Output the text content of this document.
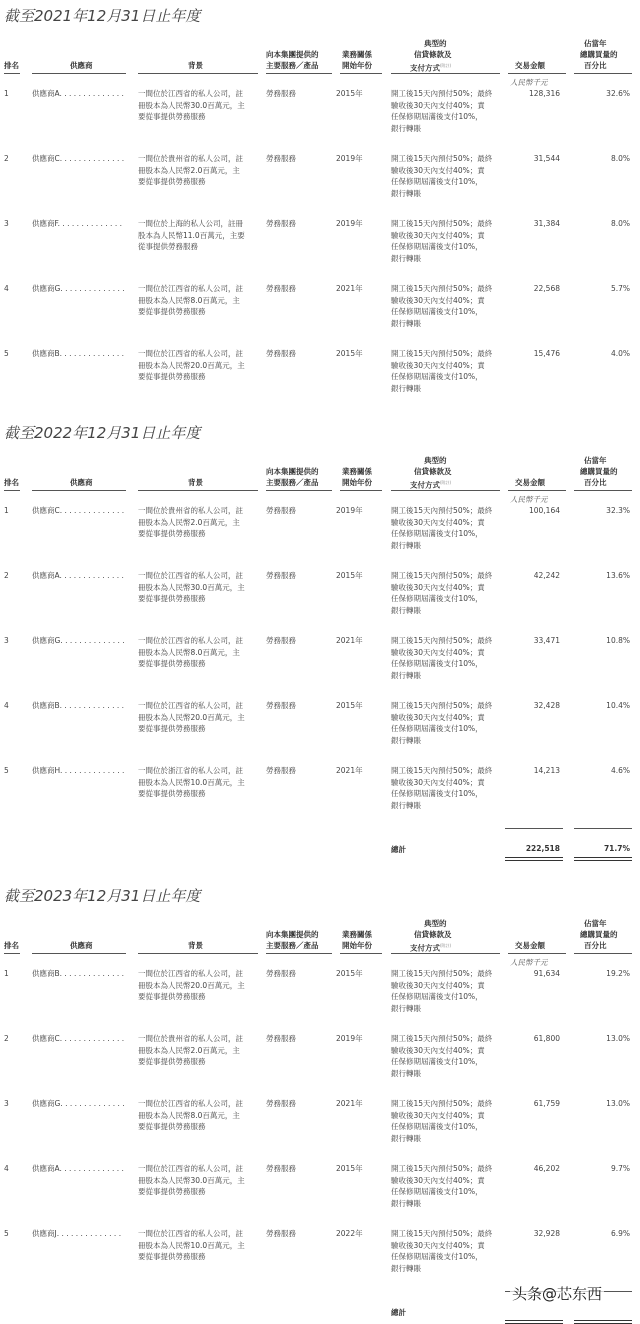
截至2021年12月31日止年度
排名	供應商	背景
向本集團提供的
主要服務／產品
業務關係
開始年份
典型的
信貸條款及
支付方式$^{(附註)}$	交易金額
佔當年
總購買量的
百分比
人民幣千元
1	供應商A. . . . . . . . . . . . . . 一間位於江西省的私人公司，註
冊股本為人民幣30.0百萬元，主
要從事提供勞務服務
勞務服務	2015年	開工後15天內預付50%；最終
驗收後30天內支付40%；責
任保修期屆滿後支付10%，
銀行轉賬
128,316	32.6%
2	供應商C. . . . . . . . . . . . . . 一間位於貴州省的私人公司，註
冊股本為人民幣2.0百萬元，主
要從事提供勞務服務
勞務服務	2019年	開工後15天內預付50%；最終
驗收後30天內支付40%；責
任保修期屆滿後支付10%，
銀行轉賬
31,544	8.0%
3	供應商F. . . . . . . . . . . . . . 一間位於上海的私人公司，註冊
股本為人民幣11.0百萬元，主要
從事提供勞務服務
勞務服務	2019年	開工後15天內預付50%；最終
驗收後30天內支付40%；責
任保修期屆滿後支付10%，
銀行轉賬
31,384	8.0%
4	供應商G. . . . . . . . . . . . . . 一間位於江西省的私人公司，註
冊股本為人民幣8.0百萬元，主
要從事提供勞務服務
勞務服務	2021年	開工後15天內預付50%；最終
驗收後30天內支付40%；責
任保修期屆滿後支付10%，
銀行轉賬
22,568	5.7%
5	供應商B. . . . . . . . . . . . . . 一間位於江西省的私人公司，註
冊股本為人民幣20.0百萬元，主
要從事提供勞務服務
勞務服務	2015年	開工後15天內預付50%；最終
驗收後30天內支付40%；責
任保修期屆滿後支付10%，
銀行轉賬
15,476	4.0%
截至2022年12月31日止年度
排名	供應商	背景
向本集團提供的
主要服務／產品
業務關係
開始年份
典型的
信貸條款及
支付方式$^{(附註)}$	交易金額
佔當年
總購買量的
百分比
人民幣千元
1	供應商C. . . . . . . . . . . . . . 一間位於貴州省的私人公司，註
冊股本為人民幣2.0百萬元，主
要從事提供勞務服務
勞務服務	2019年	開工後15天內預付50%；最終
驗收後30天內支付40%；責
任保修期屆滿後支付10%，
銀行轉賬
100,164	32.3%
2	供應商A. . . . . . . . . . . . . . 一間位於江西省的私人公司，註
冊股本為人民幣30.0百萬元，主
要從事提供勞務服務
勞務服務	2015年	開工後15天內預付50%；最終
驗收後30天內支付40%；責
任保修期屆滿後支付10%，
銀行轉賬
42,242	13.6%
3	供應商G. . . . . . . . . . . . . . 一間位於江西省的私人公司，註
冊股本為人民幣8.0百萬元，主
要從事提供勞務服務
勞務服務	2021年	開工後15天內預付50%；最終
驗收後30天內支付40%；責
任保修期屆滿後支付10%，
銀行轉賬
33,471	10.8%
4	供應商B. . . . . . . . . . . . . . 一間位於江西省的私人公司，註
冊股本為人民幣20.0百萬元，主
要從事提供勞務服務
勞務服務	2015年	開工後15天內預付50%；最終
驗收後30天內支付40%；責
任保修期屆滿後支付10%，
銀行轉賬
32,428	10.4%
5	供應商H. . . . . . . . . . . . . . 一間位於浙江省的私人公司，註
冊股本為人民幣10.0百萬元，主
要從事提供勞務服務
勞務服務	2021年	開工後15天內預付50%；最終
驗收後30天內支付40%；責
任保修期屆滿後支付10%，
銀行轉賬
14,213	4.6%
總計	222,518	71.7%
截至2023年12月31日止年度
排名	供應商	背景
向本集團提供的
主要服務／產品
業務關係
開始年份
典型的
信貸條款及
支付方式$^{(附註)}$	交易金額
佔當年
總購買量的
百分比
人民幣千元
1	供應商B. . . . . . . . . . . . . . 一間位於江西省的私人公司，註
冊股本為人民幣20.0百萬元，主
要從事提供勞務服務
勞務服務	2015年	開工後15天內預付50%；最終
驗收後30天內支付40%；責
任保修期屆滿後支付10%，
銀行轉賬
91,634	19.2%
2	供應商C. . . . . . . . . . . . . . 一間位於貴州省的私人公司，註
冊股本為人民幣2.0百萬元，主
要從事提供勞務服務
勞務服務	2019年	開工後15天內預付50%；最終
驗收後30天內支付40%；責
任保修期屆滿後支付10%，
銀行轉賬
61,800	13.0%
3	供應商G. . . . . . . . . . . . . . 一間位於江西省的私人公司，註
冊股本為人民幣8.0百萬元，主
要從事提供勞務服務
勞務服務	2021年	開工後15天內預付50%；最終
驗收後30天內支付40%；責
任保修期屆滿後支付10%，
銀行轉賬
61,759	13.0%
4	供應商A. . . . . . . . . . . . . . 一間位於江西省的私人公司，註
冊股本為人民幣30.0百萬元，主
要從事提供勞務服務
勞務服務	2015年	開工後15天內預付50%；最終
驗收後30天內支付40%；責
任保修期屆滿後支付10%，
銀行轉賬
46,202	9.7%
5	供應商J. . . . . . . . . . . . . . 一間位於江西省的私人公司，註
冊股本為人民幣10.0百萬元，主
要從事提供勞務服務
勞務服務	2022年	開工後15天內預付50%；最終
驗收後30天內支付40%；責
任保修期屆滿後支付10%，
銀行轉賬
32,928	6.9%
總計
头条@芯东西
